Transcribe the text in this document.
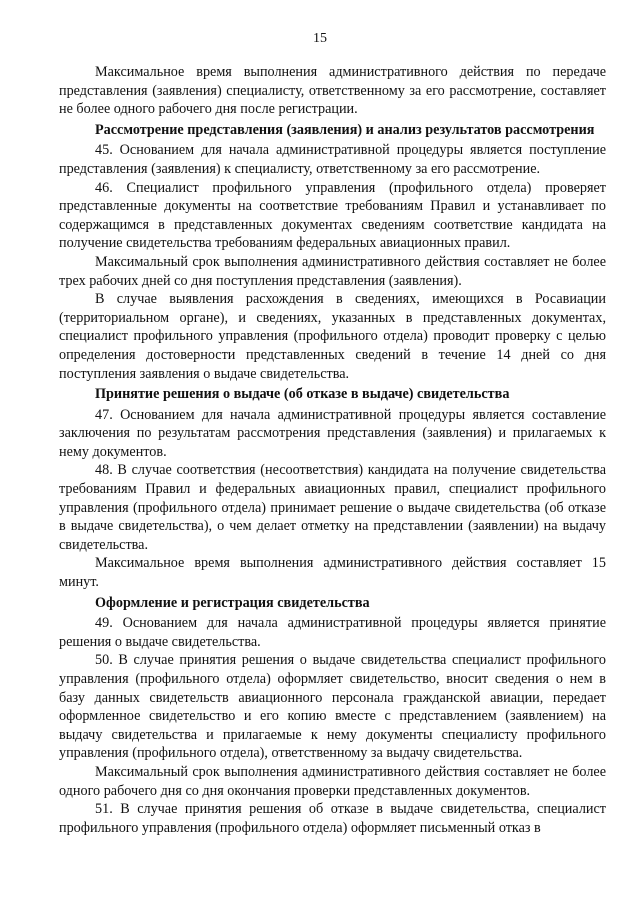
15

Максимальное время выполнения административного действия по передаче представления (заявления) специалисту, ответственному за его рассмотрение, составляет не более одного рабочего дня после регистрации.

Рассмотрение представления (заявления) и анализ результатов рассмотрения

45. Основанием для начала административной процедуры является поступление представления (заявления) к специалисту, ответственному за его рассмотрение.

46. Специалист профильного управления (профильного отдела) проверяет представленные документы на соответствие требованиям Правил и устанавливает по содержащимся в представленных документах сведениям соответствие кандидата на получение свидетельства требованиям федеральных авиационных правил.

Максимальный срок выполнения административного действия составляет не более трех рабочих дней со дня поступления представления (заявления).

В случае выявления расхождения в сведениях, имеющихся в Росавиации (территориальном органе), и сведениях, указанных в представленных документах, специалист профильного управления (профильного отдела) проводит проверку с целью определения достоверности представленных сведений в течение 14 дней со дня поступления заявления о выдаче свидетельства.

Принятие решения о выдаче (об отказе в выдаче) свидетельства

47. Основанием для начала административной процедуры является составление заключения по результатам рассмотрения представления (заявления) и прилагаемых к нему документов.

48. В случае соответствия (несоответствия) кандидата на получение свидетельства требованиям Правил и федеральных авиационных правил, специалист профильного управления (профильного отдела) принимает решение о выдаче свидетельства (об отказе в выдаче свидетельства), о чем делает отметку на представлении (заявлении) на выдачу свидетельства.

Максимальное время выполнения административного действия составляет 15 минут.

Оформление и регистрация свидетельства

49. Основанием для начала административной процедуры является принятие решения о выдаче свидетельства.

50. В случае принятия решения о выдаче свидетельства специалист профильного управления (профильного отдела) оформляет свидетельство, вносит сведения о нем в базу данных свидетельств авиационного персонала гражданской авиации, передает оформленное свидетельство и его копию вместе с представлением (заявлением) на выдачу свидетельства и прилагаемые к нему документы специалисту профильного управления (профильного отдела), ответственному за выдачу свидетельства.

Максимальный срок выполнения административного действия составляет не более одного рабочего дня со дня окончания проверки представленных документов.

51. В случае принятия решения об отказе в выдаче свидетельства, специалист профильного управления (профильного отдела) оформляет письменный отказ в
